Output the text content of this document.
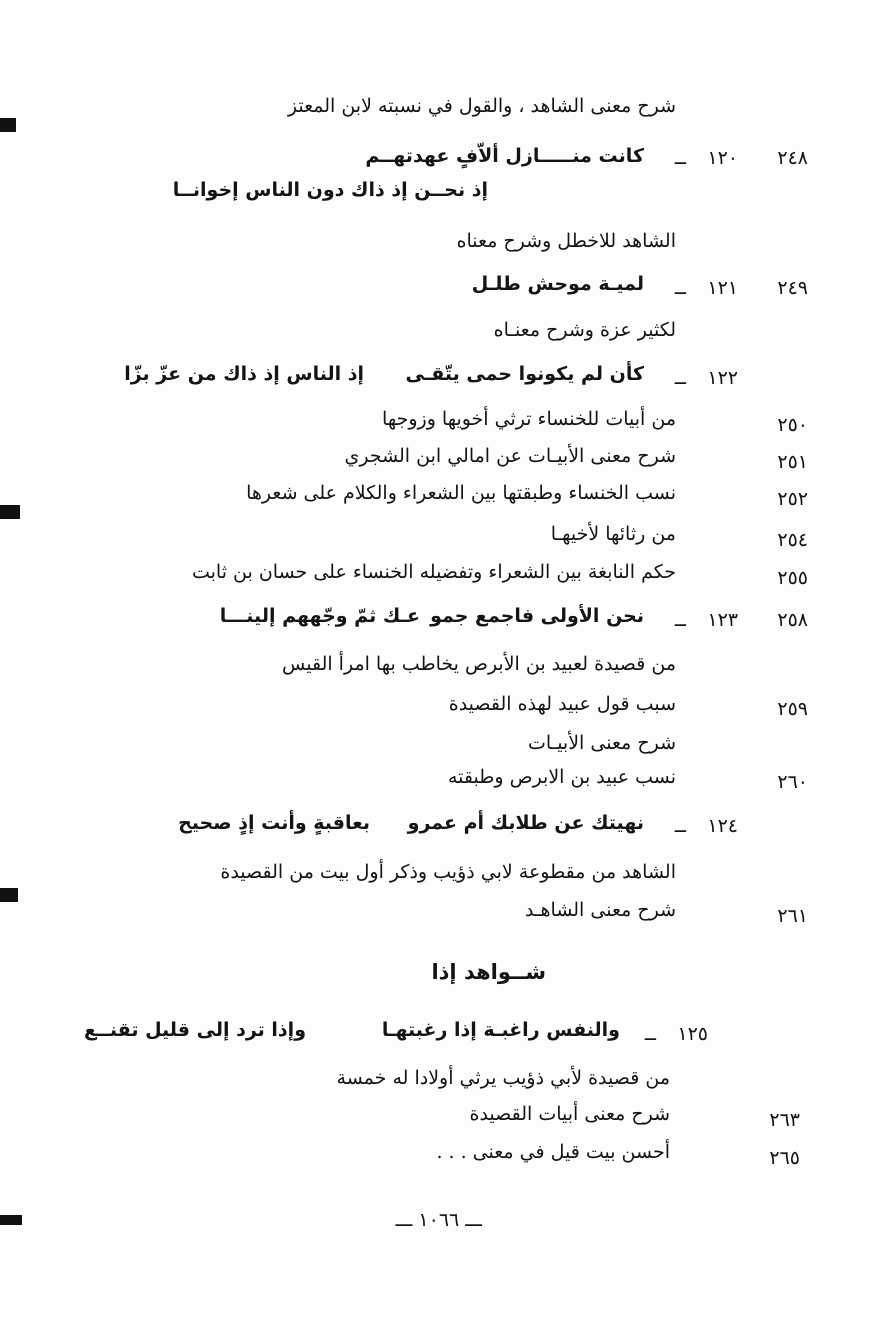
شرح معنى الشاهد ، والقول في نسبته لابن المعتز
٢٤٨
١٢٠
ــ
كانت منـــــازل ألاّفٍ عهدتهــم
إذ نحــن إذ ذاك دون الناس إخوانــا
الشاهد للاخطل وشرح معناه
٢٤٩
١٢١
ــ
لميـة موحش طلـل
لكثير عزة وشرح معنـاه
١٢٢
ــ
كأن لم يكونوا حمى يتّقـى
إذ الناس إذ ذاك من عزّ بزّا
٢٥٠
من أبيات للخنساء ترثي أخويها وزوجها
٢٥١
شرح معنى الأبيـات عن امالي ابن الشجري
٢٥٢
نسب الخنساء وطبقتها بين الشعراء والكلام على شعرها
٢٥٤
من رثائها لأخيهـا
٢٥٥
حكم النابغة بين الشعراء وتفضيله الخنساء على حسان بن ثابت
٢٥٨
١٢٣
ــ
نحن الأولى فاجمع جمو
عـك ثمّ وجّههم إلينـــا
من قصيدة لعبيد بن الأبرص يخاطب بها امرأ القيس
٢٥٩
سبب قول عبيد لهذه القصيدة
شرح معنى الأبيـات
٢٦٠
نسب عبيد بن الابرص وطبقته
١٢٤
ــ
نهيتك عن طلابك أم عمرو
بعاقبةٍ وأنت إذٍ صحيح
الشاهد من مقطوعة لابي ذؤيب وذكر أول بيت من القصيدة
٢٦١
شرح معنى الشاهـد
شــواهد إذا
١٢٥
ــ
والنفس راغبـة إذا رغبتهـا
وإذا ترد إلى قليل تقنــع
من قصيدة لأبي ذؤيب يرثي أولادا له خمسة
٢٦٣
شرح معنى أبيات القصيدة
٢٦٥
أحسن بيت قيل في معنى . . .
ـــ ١٠٦٦ ـــ
